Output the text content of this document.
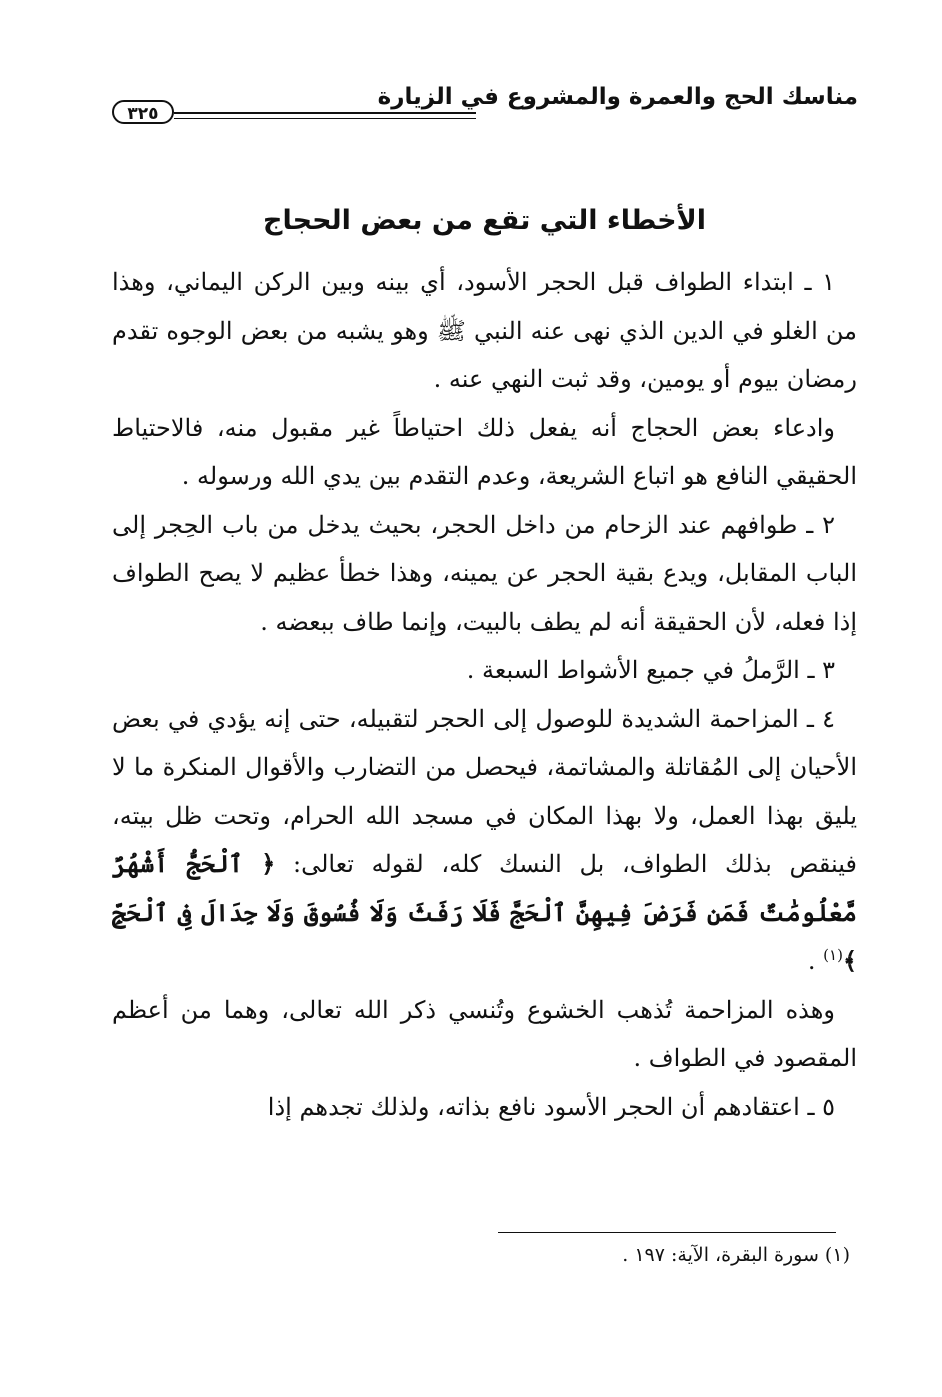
مناسك الحج والعمرة والمشروع في الزيارة
٣٢٥
الأخطاء التي تقع من بعض الحجاج

١ ـ ابتداء الطواف قبل الحجر الأسود، أي بينه وبين الركن اليماني، وهذا من الغلو في الدين الذي نهى عنه النبي ﷺ وهو يشبه من بعض الوجوه تقدم رمضان بيوم أو يومين، وقد ثبت النهي عنه .

وادعاء بعض الحجاج أنه يفعل ذلك احتياطاً غير مقبول منه، فالاحتياط الحقيقي النافع هو اتباع الشريعة، وعدم التقدم بين يدي الله ورسوله .

٢ ـ طوافهم عند الزحام من داخل الحجر، بحيث يدخل من باب الحِجر إلى الباب المقابل، ويدع بقية الحجر عن يمينه، وهذا خطأ عظيم لا يصح الطواف إذا فعله، لأن الحقيقة أنه لم يطف بالبيت، وإنما طاف ببعضه .

٣ ـ الرَّملُ في جميع الأشواط السبعة .

٤ ـ المزاحمة الشديدة للوصول إلى الحجر لتقبيله، حتى إنه يؤدي في بعض الأحيان إلى المُقاتلة والمشاتمة، فيحصل من التضارب والأقوال المنكرة ما لا يليق بهذا العمل، ولا بهذا المكان في مسجد الله الحرام، وتحت ظل بيته، فينقص بذلك الطواف، بل النسك كله، لقوله تعالى: ﴿ ٱلْحَجُّ أَشْهُرٌ مَّعْلُومَٰتٌ فَمَن فَرَضَ فِيهِنَّ ٱلْحَجَّ فَلَا رَفَثَ وَلَا فُسُوقَ وَلَا جِدَالَ فِى ٱلْحَجِّ ﴾$^{(١)}$ .

وهذه المزاحمة تُذهب الخشوع وتُنسي ذكر الله تعالى، وهما من أعظم المقصود في الطواف .

٥ ـ اعتقادهم أن الحجر الأسود نافع بذاته، ولذلك تجدهم إذا

(١) سورة البقرة، الآية: ١٩٧ .
